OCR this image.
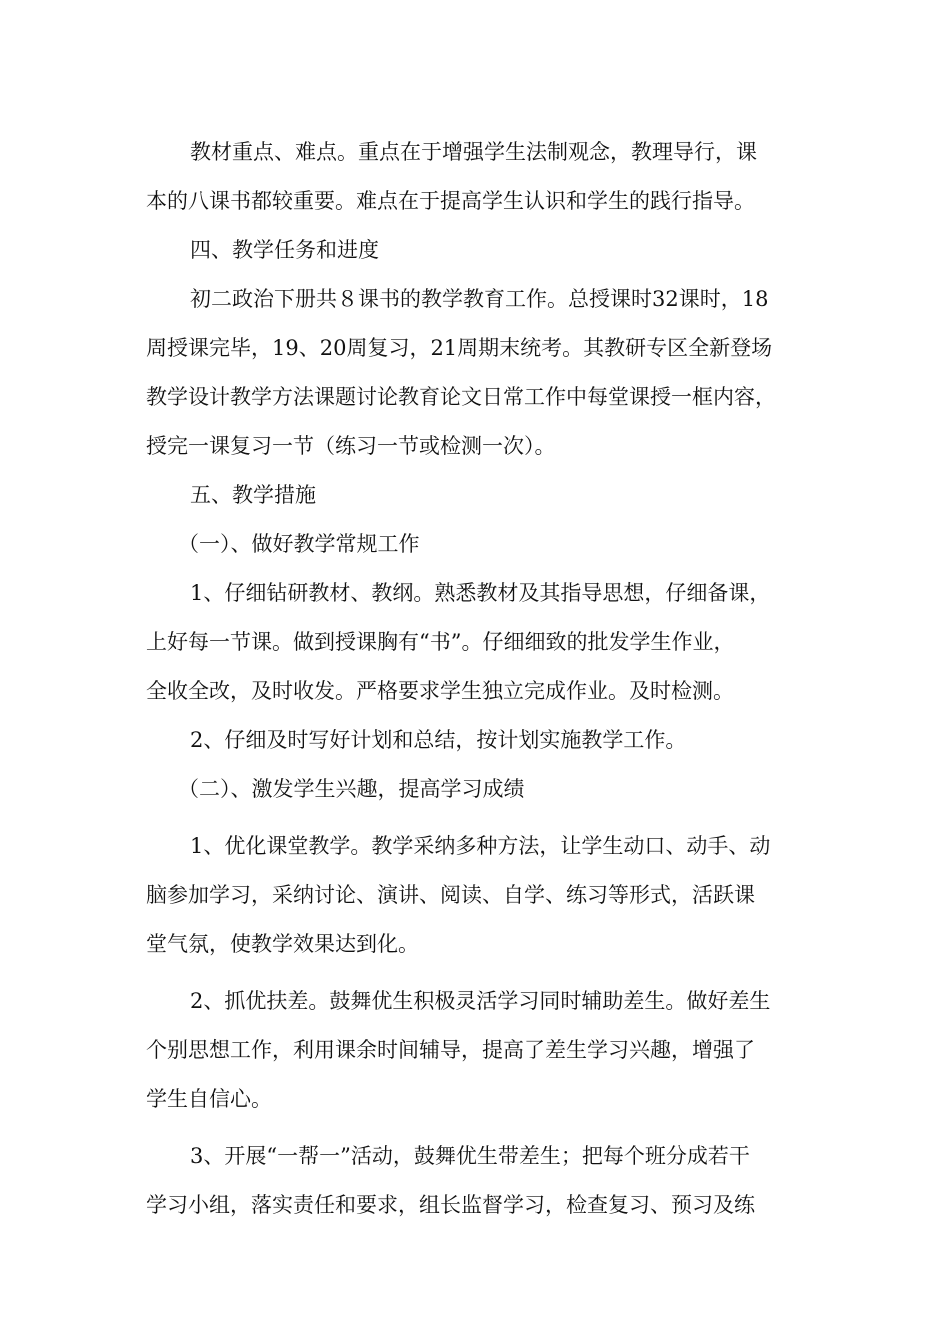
教材重点、难点。重点在于增强学生法制观念，教理导行，课
本的八课书都较重要。难点在于提高学生认识和学生的践行指导。
四、教学任务和进度
初二政治下册共８课书的教学教育工作。总授课时32课时，18
周授课完毕，19、20周复习，21周期末统考。其教研专区全新登场
教学设计教学方法课题讨论教育论文日常工作中每堂课授一框内容，
授完一课复习一节（练习一节或检测一次）。
五、教学措施
（一）、做好教学常规工作
1、仔细钻研教材、教纲。熟悉教材及其指导思想，仔细备课，
上好每一节课。做到授课胸有“书”。仔细细致的批发学生作业，
全收全改，及时收发。严格要求学生独立完成作业。及时检测。
2、仔细及时写好计划和总结，按计划实施教学工作。
（二）、激发学生兴趣，提高学习成绩
1、优化课堂教学。教学采纳多种方法，让学生动口、动手、动
脑参加学习，采纳讨论、演讲、阅读、自学、练习等形式，活跃课
堂气氛，使教学效果达到化。
2、抓优扶差。鼓舞优生积极灵活学习同时辅助差生。做好差生
个别思想工作，利用课余时间辅导，提高了差生学习兴趣，增强了
学生自信心。
3、开展“一帮一”活动，鼓舞优生带差生；把每个班分成若干
学习小组，落实责任和要求，组长监督学习，检查复习、预习及练
